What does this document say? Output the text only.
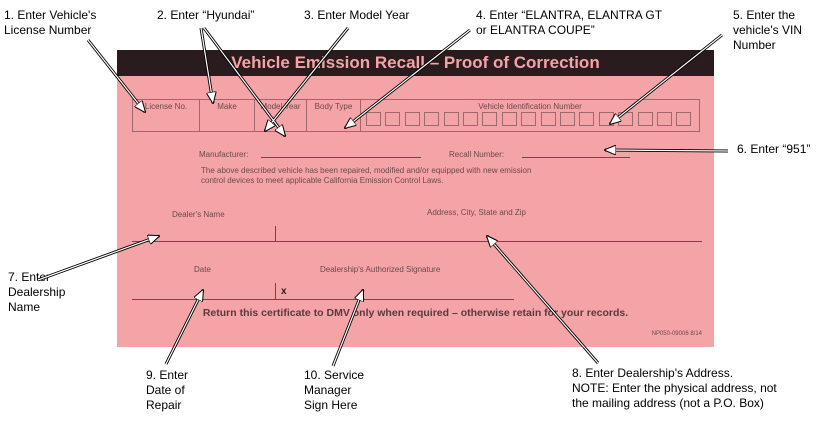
Vehicle Emission Recall – Proof of Correction
License No.	Make	Model Year	Body Type	Vehicle Identification Number
Manufacturer:	Recall Number:
The above described vehicle has been repaired, modified and/or equipped with new emission
control devices to meet applicable California Emission Control Laws.
Dealer's Name	Address, City, State and Zip
Date	Dealership's Authorized Signature
x
Return this certificate to DMV only when required – otherwise retain for your records.
NP050-09006 8/14
1. Enter Vehicle's
License Number
2. Enter “Hyundai”	3. Enter Model Year	4. Enter “ELANTRA, ELANTRA GT
or ELANTRA COUPE”
5. Enter the
vehicle's VIN
Number
6. Enter “951”
7. Enter
Dealership
Name
8. Enter Dealership's Address.
NOTE: Enter the physical address, not
the mailing address (not a P.O. Box)
9. Enter
Date of
Repair
10. Service
Manager
Sign Here
